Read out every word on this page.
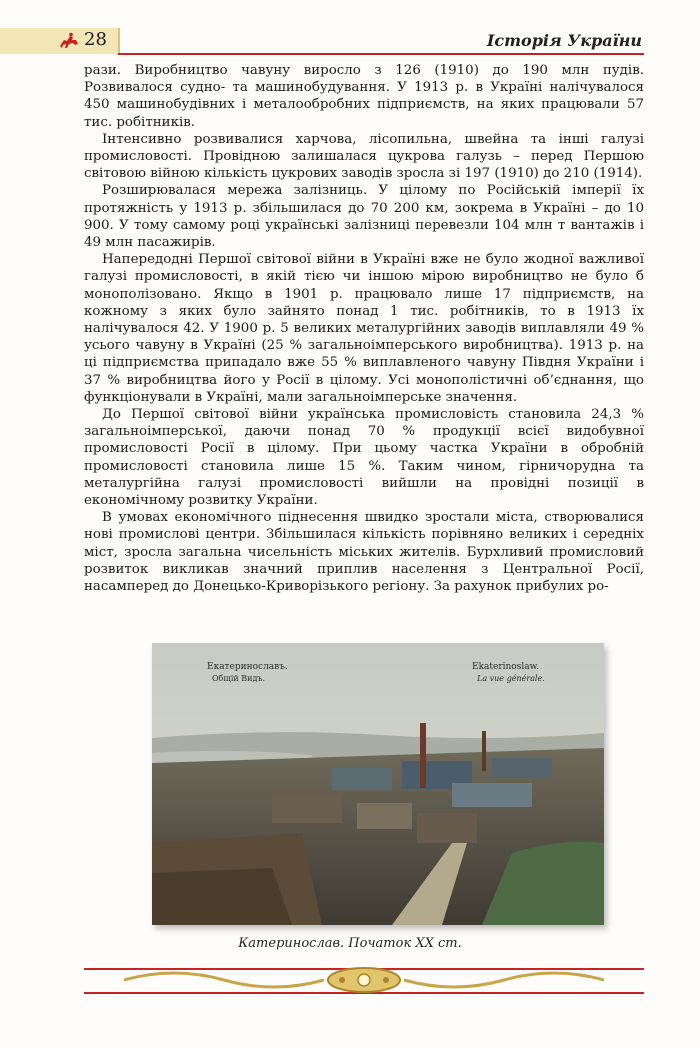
28	Історія України

рази. Виробництво чавуну виросло з 126 (1910) до 190 млн пудів. Розвивалося судно- та машинобудування. У 1913 р. в Україні налічувалося 450 машинобудівних і металообробних підприємств, на яких працювали 57 тис. робітників.

Інтенсивно розвивалися харчова, лісопильна, швейна та інші галузі промисловості. Провідною залишалася цукрова галузь – перед Першою світовою війною кількість цукрових заводів зросла зі 197 (1910) до 210 (1914).

Розширювалася мережа залізниць. У цілому по Російській імперії їх протяжність у 1913 р. збільшилася до 70 200 км, зокрема в Україні – до 10 900. У тому самому році українські залізниці перевезли 104 млн т вантажів і 49 млн пасажирів.

Напередодні Першої світової війни в Україні вже не було жодної важливої галузі промисловості, в якій тією чи іншою мірою виробництво не було б монополізовано. Якщо в 1901 р. працювало лише 17 підприємств, на кожному з яких було зайнято понад 1 тис. робітників, то в 1913 їх налічувалося 42. У 1900 р. 5 великих металургійних заводів виплавляли 49 % усього чавуну в Україні (25 % загальноімперського виробництва). 1913 р. на ці підприємства припадало вже 55 % виплавленого чавуну Півдня України і 37 % виробництва його у Росії в цілому. Усі монополістичні об’єднання, що функціонували в Україні, мали загальноімперське значення.

До Першої світової війни українська промисловість становила 24,3 % загальноімперської, даючи понад 70 % продукції всієї видобувної промисловості Росії в цілому. При цьому частка України в обробній промисловості становила лише 15 %. Таким чином, гірничорудна та металургійна галузі промисловості вийшли на провідні позиції в економічному розвитку України.

В умовах економічного піднесення швидко зростали міста, створювалися нові промислові центри. Збільшилася кількість порівняно великих і середніх міст, зросла загальна чисельність міських жителів. Бурхливий промисловий розвиток викликав значний приплив населення з Центральної Росії, насамперед до Донецько-Криворізького регіону. За рахунок прибулих ро-

Екатеринославъ.
Общій Видъ.
Ekaterinoslaw.
La vue générale.
Катеринослав. Початок ХХ ст.
